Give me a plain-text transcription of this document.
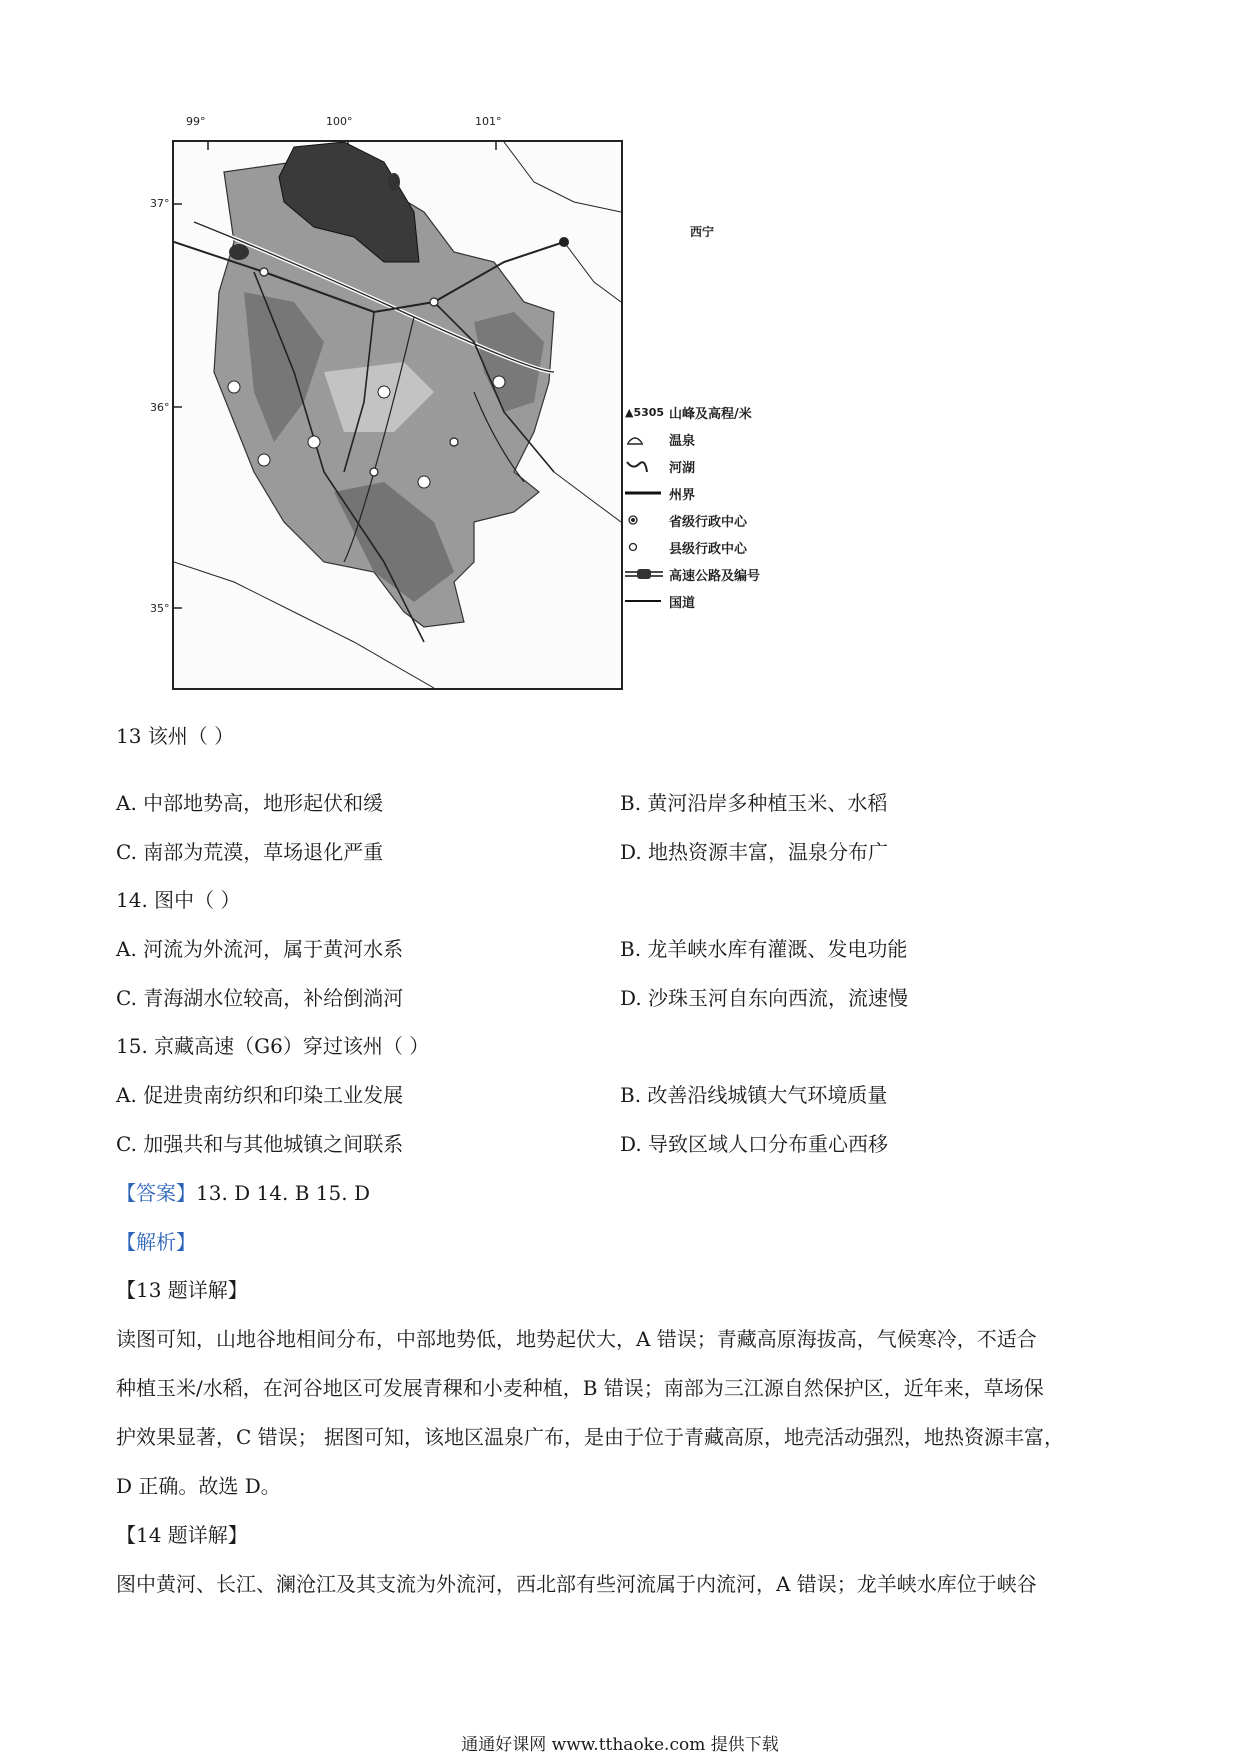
99°	100°	101°
37°
36°
35°
西宁
▲5305 山峰及高程/米
温泉
河湖
州界
省级行政中心
县级行政中心
高速公路及编号
国道
13 该州（ ）
A. 中部地势高，地形起伏和缓	B. 黄河沿岸多种植玉米、水稻
C. 南部为荒漠，草场退化严重	D. 地热资源丰富，温泉分布广
14. 图中（ ）
A. 河流为外流河，属于黄河水系	B. 龙羊峡水库有灌溉、发电功能
C. 青海湖水位较高，补给倒淌河	D. 沙珠玉河自东向西流，流速慢
15. 京藏高速（G6）穿过该州（ ）
A. 促进贵南纺织和印染工业发展	B. 改善沿线城镇大气环境质量
C. 加强共和与其他城镇之间联系	D. 导致区域人口分布重心西移
【答案】13. D 14. B 15. D
【解析】
【13 题详解】
读图可知，山地谷地相间分布，中部地势低，地势起伏大，A 错误；青藏高原海拔高，气候寒冷，不适合
种植玉米/水稻，在河谷地区可发展青稞和小麦种植，B 错误；南部为三江源自然保护区，近年来，草场保
护效果显著，C 错误； 据图可知，该地区温泉广布，是由于位于青藏高原，地壳活动强烈，地热资源丰富，
D 正确。故选 D。
【14 题详解】
图中黄河、长江、澜沧江及其支流为外流河，西北部有些河流属于内流河，A 错误；龙羊峡水库位于峡谷
通通好课网 www.tthaoke.com 提供下载
